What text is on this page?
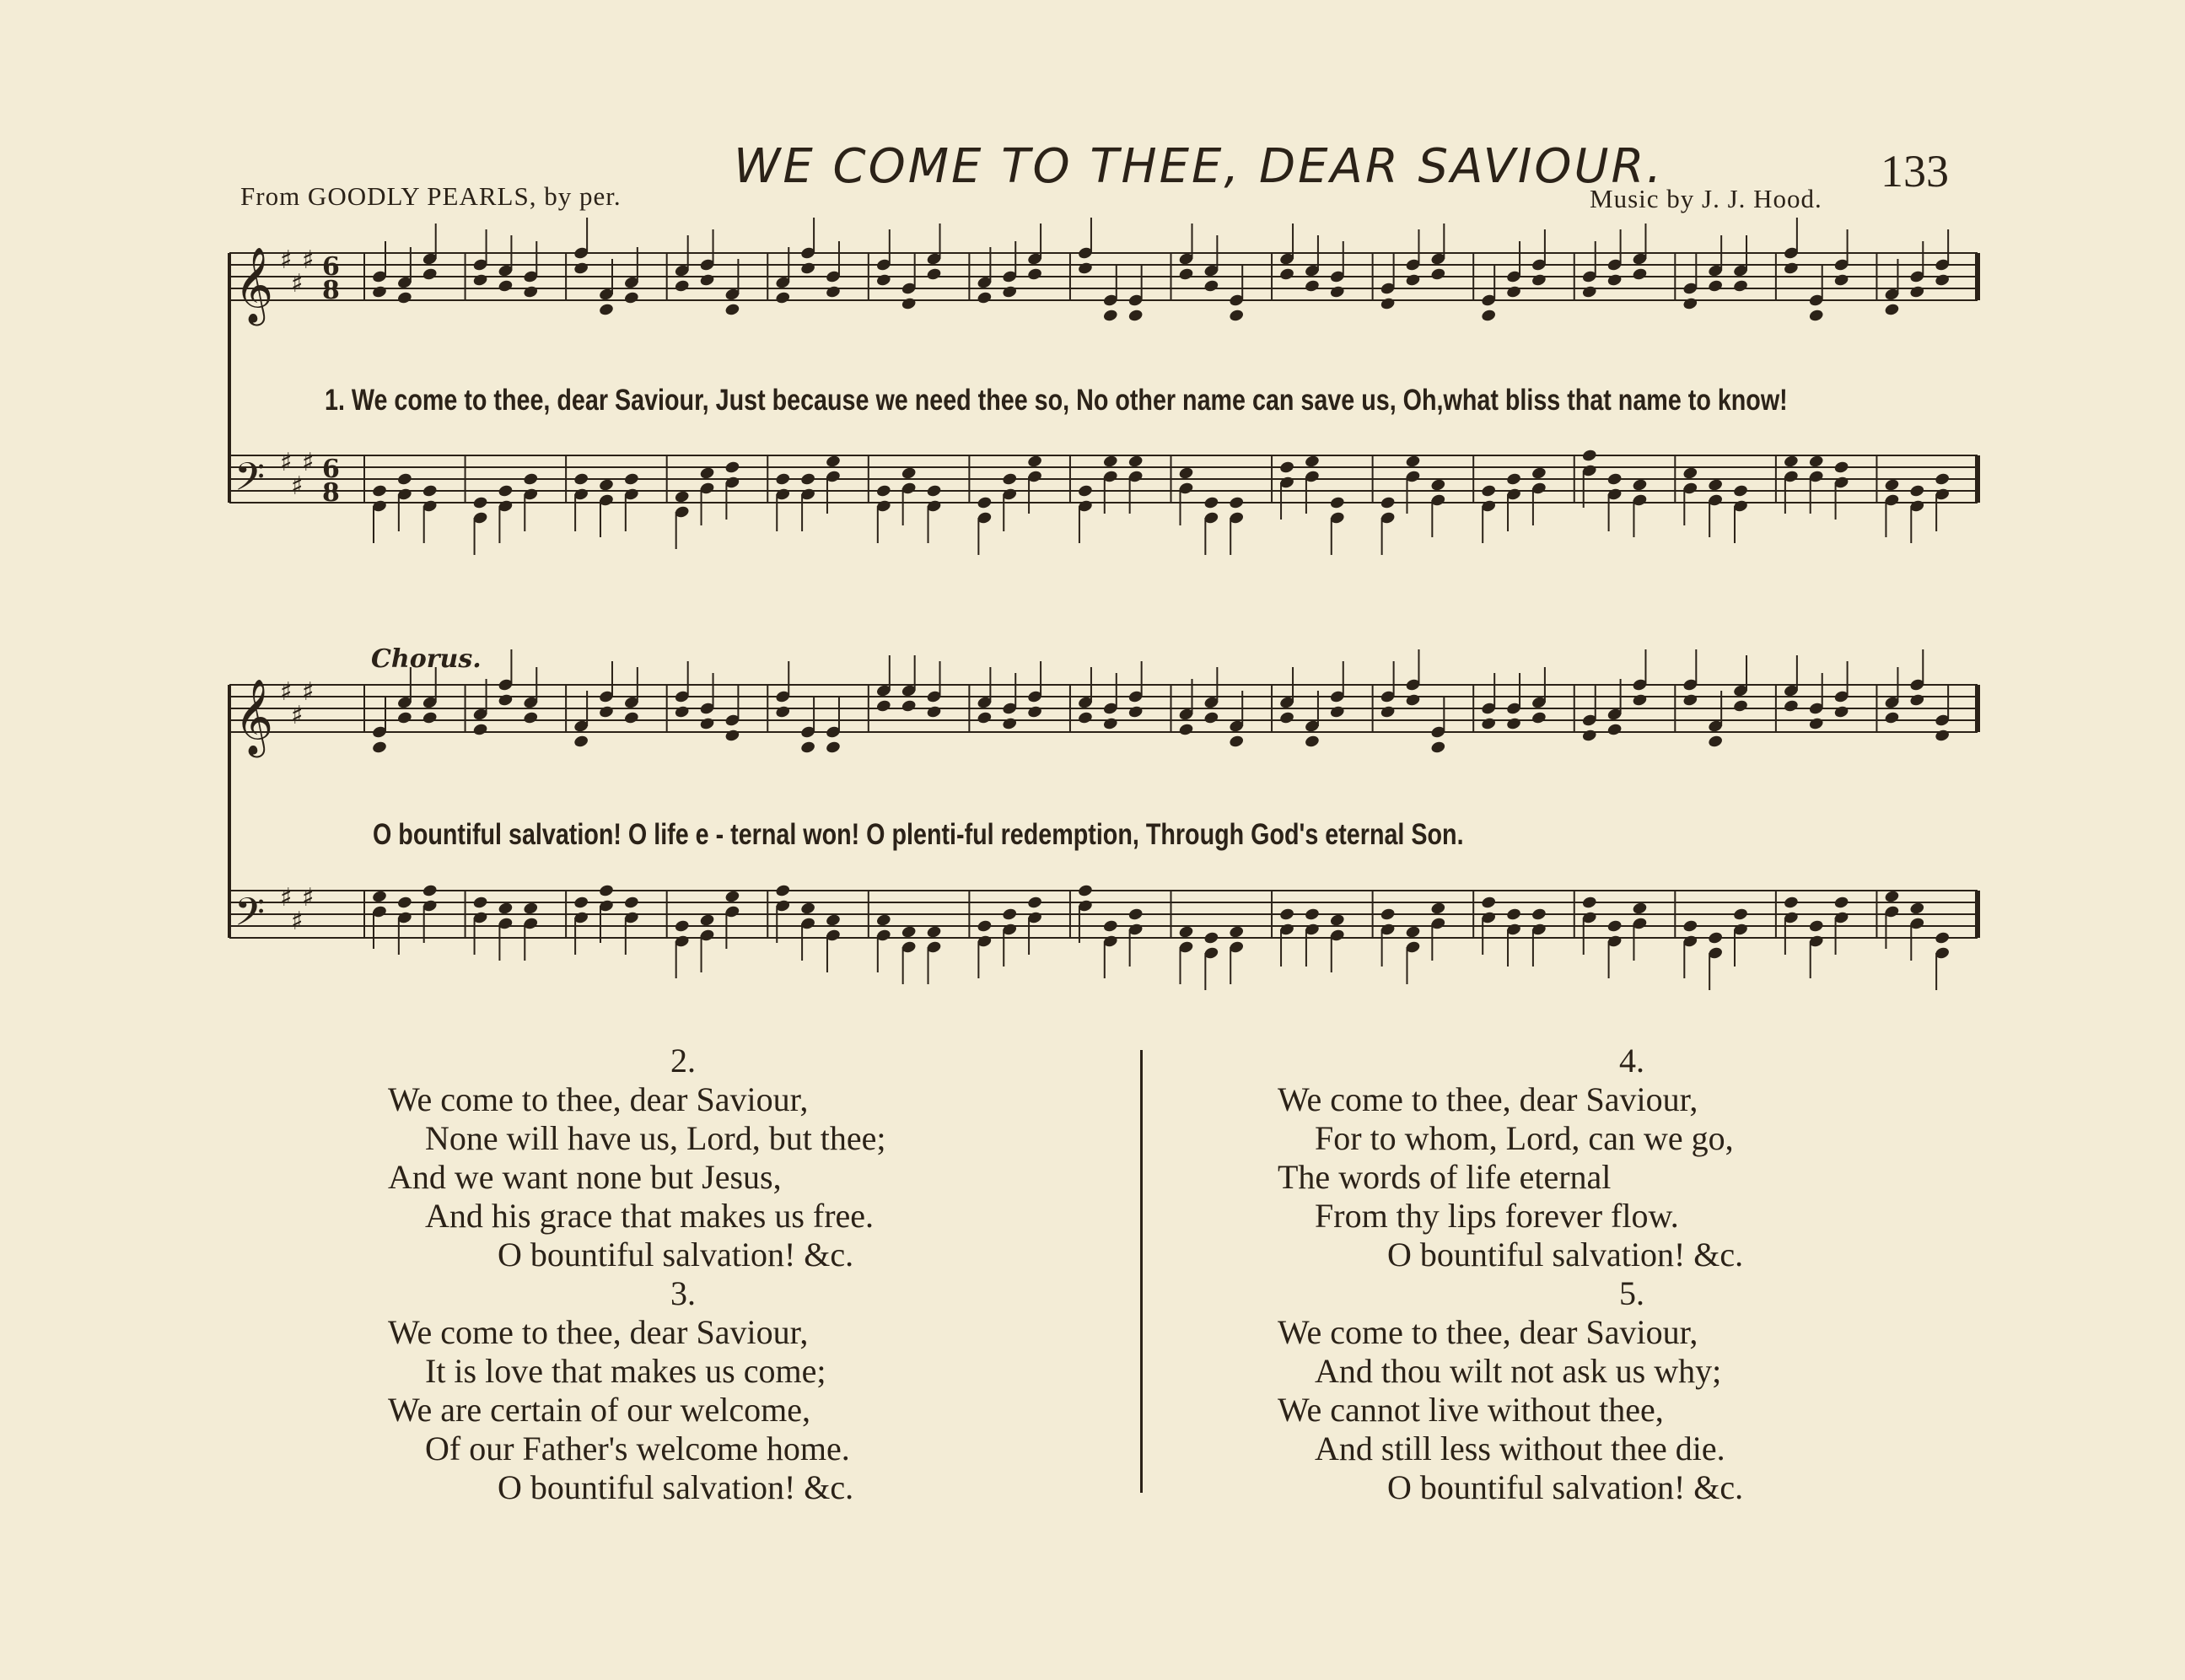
From GOODLY PEARLS, by per.
WE COME TO THEE, DEAR SAVIOUR.	133
Music by J. J. Hood.
𝄞 ♯
♯
♯ 6
8
𝄢 ♯
♯
♯ 6
8
𝄞 ♯
♯
♯
𝄢 ♯
♯
♯
1. We come to thee, dear Saviour, Just because we need thee so, No other name can save us, Oh,what bliss that name to know!
Chorus.
O bountiful salvation! O life e - ternal won! O plenti-ful redemption, Through God's eternal Son.
2.
We come to thee, dear Saviour,
None will have us, Lord, but thee;
And we want none but Jesus,
And his grace that makes us free.
O bountiful salvation! &c.
3.
We come to thee, dear Saviour,
It is love that makes us come;
We are certain of our welcome,
Of our Father's welcome home.
O bountiful salvation! &c.
4.
We come to thee, dear Saviour,
For to whom, Lord, can we go,
The words of life eternal
From thy lips forever flow.
O bountiful salvation! &c.
5.
We come to thee, dear Saviour,
And thou wilt not ask us why;
We cannot live without thee,
And still less without thee die.
O bountiful salvation! &c.
